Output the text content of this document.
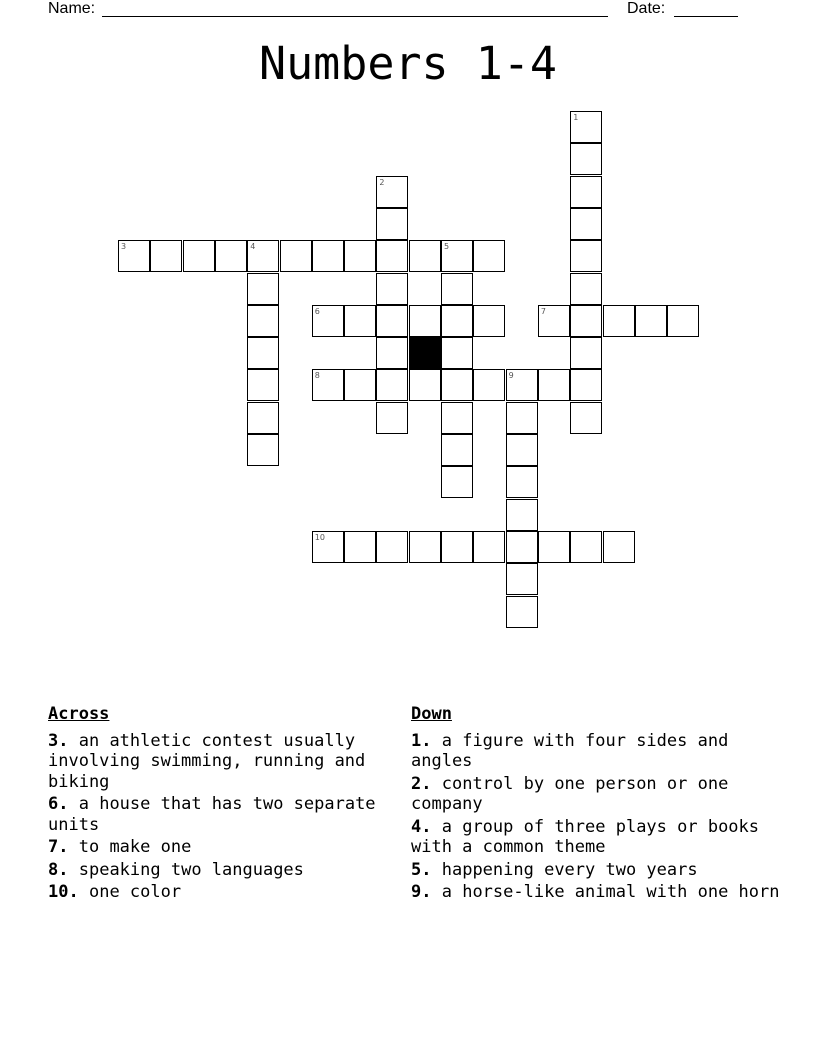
Name:	Date:
Numbers 1-4
1
2
4	5
9
3
6	7
8
10
Across
3. an athletic contest usually involving swimming, running and biking
6. a house that has two separate units
7. to make one
8. speaking two languages
10. one color
Down
1. a figure with four sides and angles
2. control by one person or one company
4. a group of three plays or books with a common theme
5. happening every two years
9. a horse-like animal with one horn
